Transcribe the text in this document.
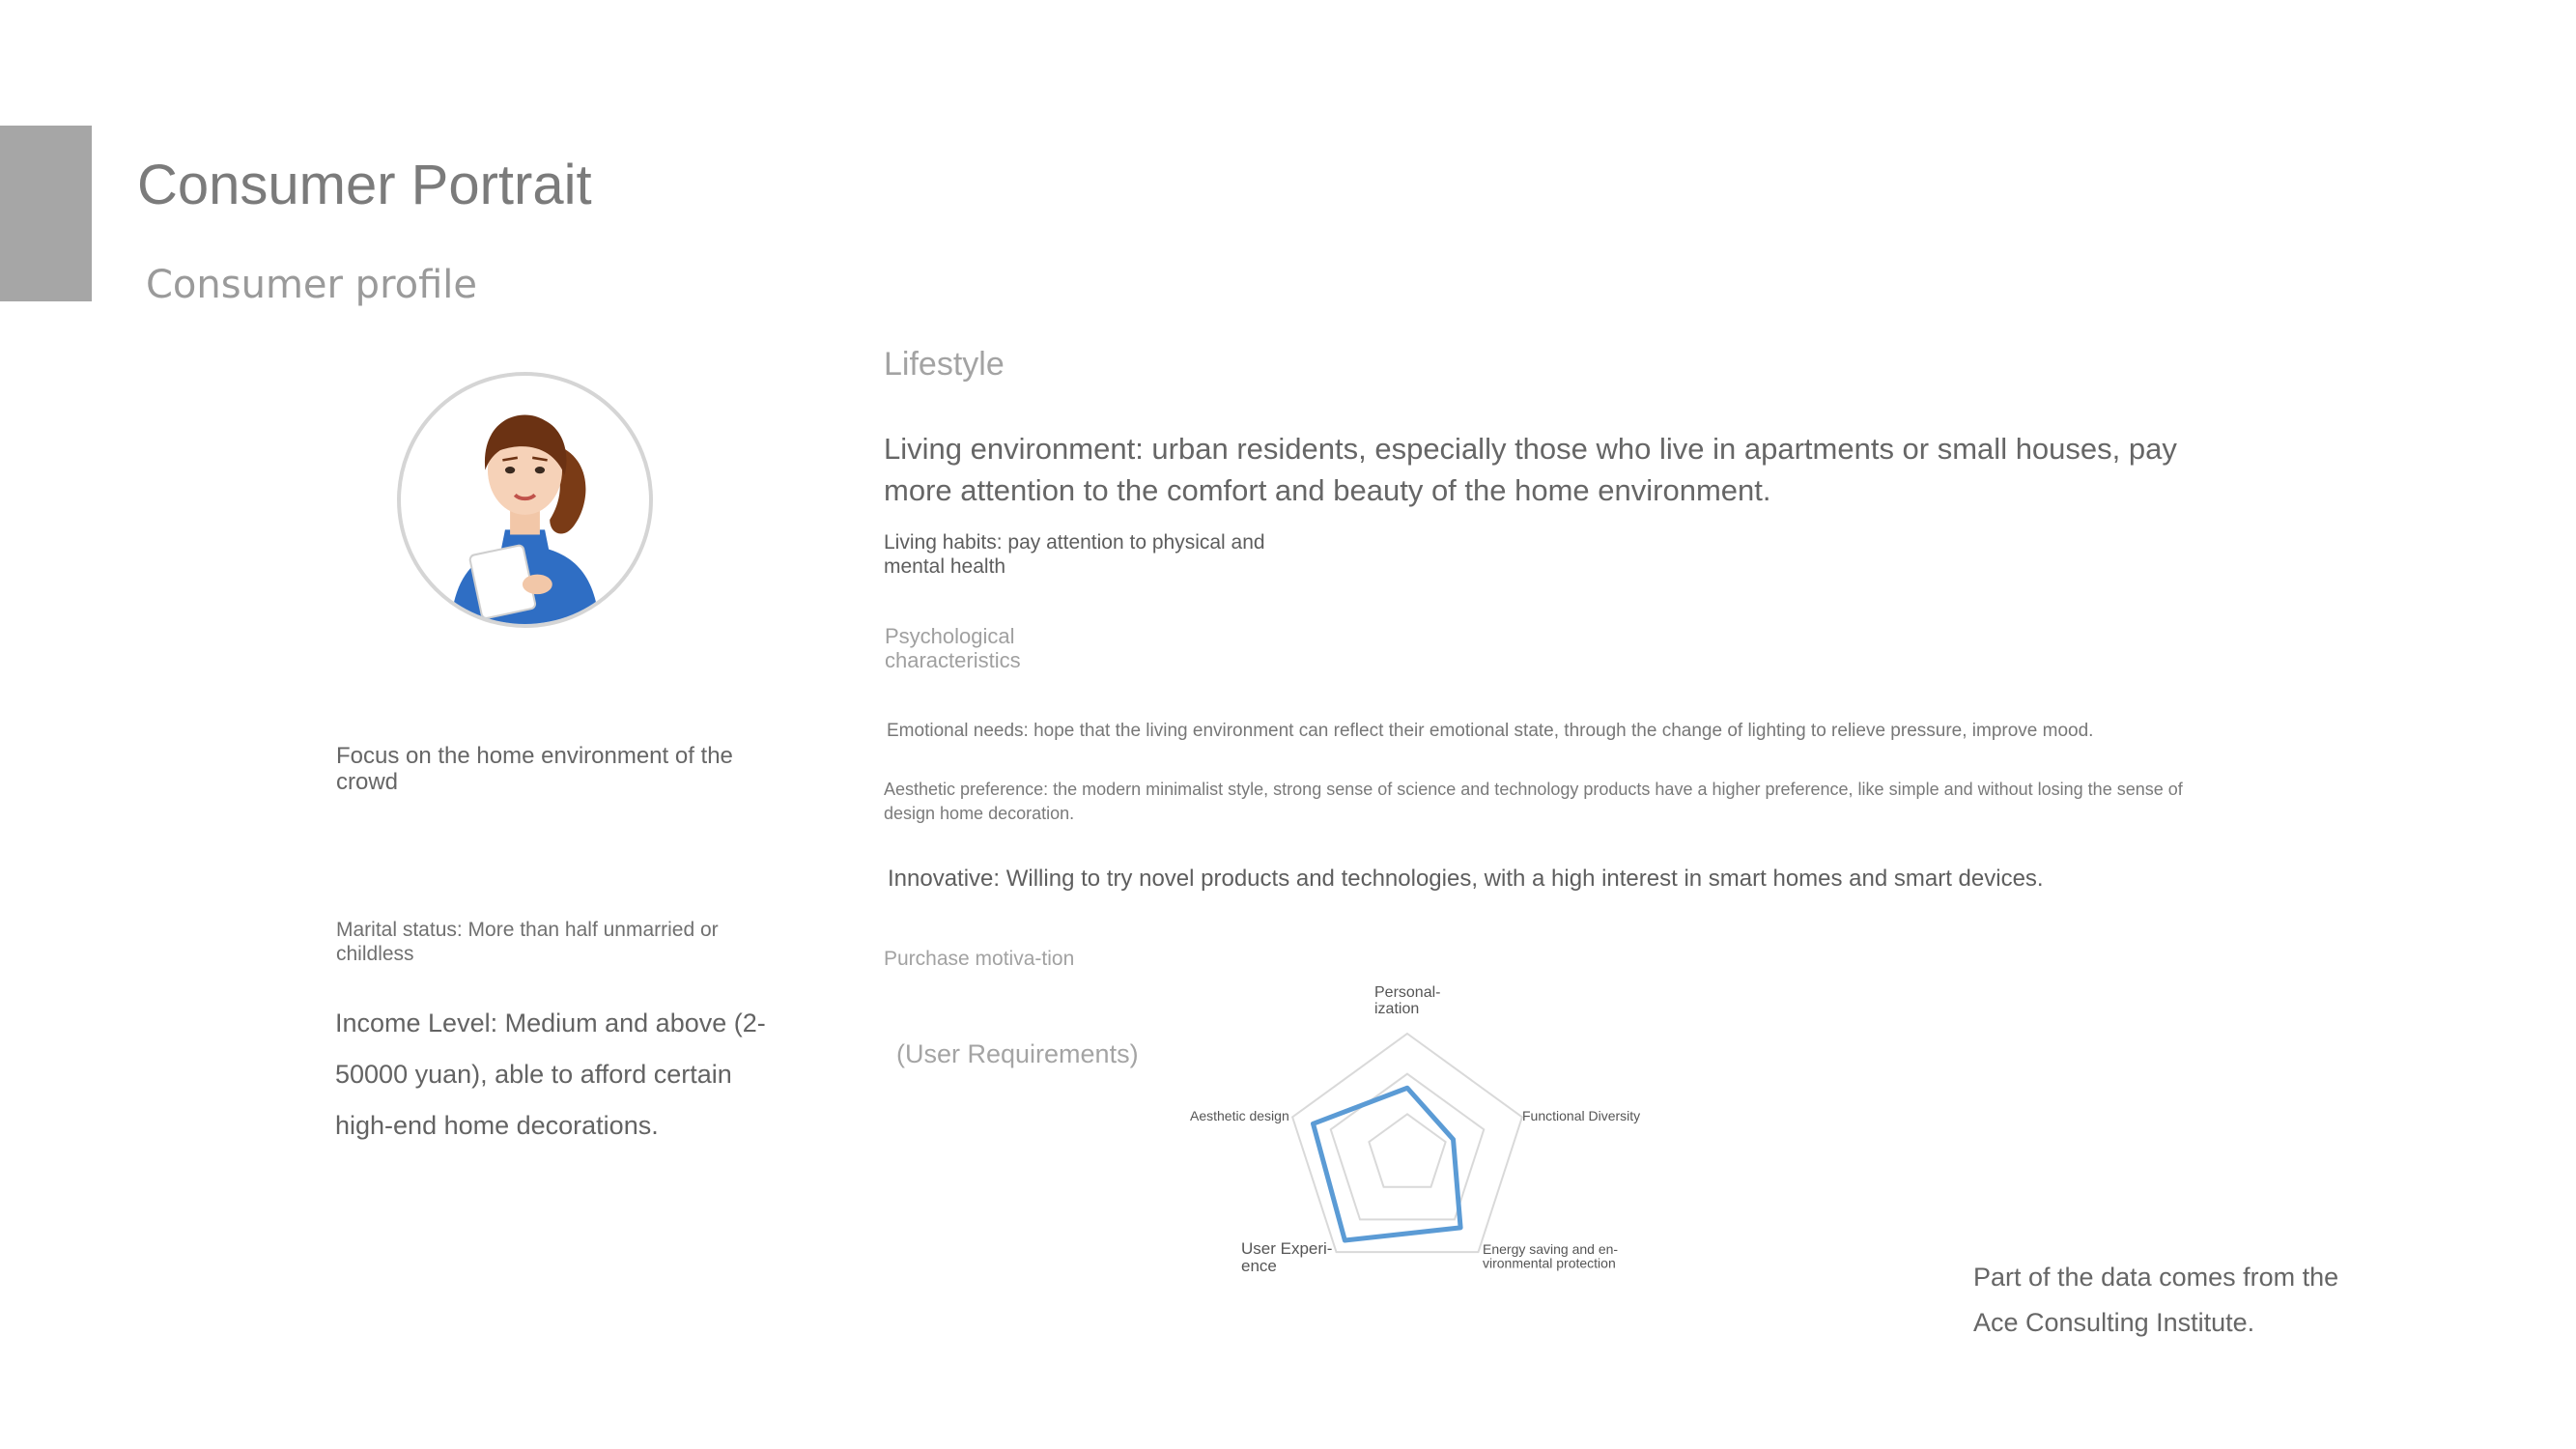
Consumer Portrait
Consumer profile
Focus on the home environment of the crowd
Marital status: More than half unmarried or childless
Income Level: Medium and above (2-50000 yuan), able to afford certain high-end home decorations.
Lifestyle
Living environment: urban residents, especially those who live in apartments or small houses, pay more attention to the comfort and beauty of the home environment.
Living habits: pay attention to physical and mental health
Psychological characteristics
Emotional needs: hope that the living environment can reflect their emotional state, through the change of lighting to relieve pressure, improve mood.
Aesthetic preference: the modern minimalist style, strong sense of science and technology products have a higher preference, like simple and without losing the sense of design home decoration.
Innovative: Willing to try novel products and technologies, with a high interest in smart homes and smart devices.
Purchase motiva-tion
(User Requirements)
Personal-ization
Functional Diversity
Energy saving and en-vironmental protection
User Experi-ence
Aesthetic design
Part of the data comes from the Ace Consulting Institute.
